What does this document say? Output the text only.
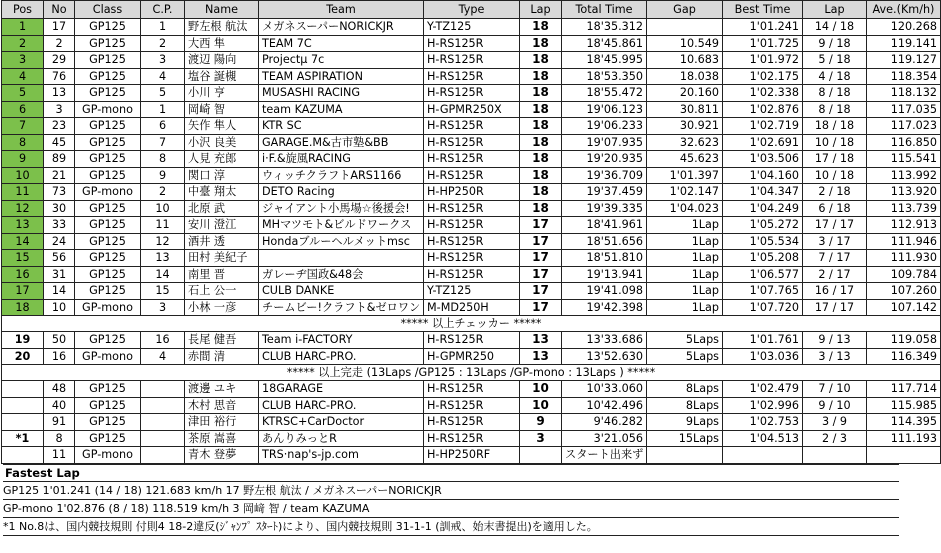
Pos	No	Class	C.P.	Name	Team	Type	Lap	Total Time	Gap	Best Time	Lap	Ave.(Km/h)
1	17	GP125	1	野左根 航汰	メガネスーパーNORICKJR	Y-TZ125	18	18'35.312		1'01.241	14 / 18	120.268
2	2	GP125	2	大西 隼	TEAM 7C	H-RS125R	18	18'45.861	10.549	1'01.725	9 / 18	119.141
3	29	GP125	3	渡辺 陽向	Projectμ 7c	H-RS125R	18	18'45.995	10.683	1'01.972	5 / 18	119.127
4	76	GP125	4	塩谷 誕槻	TEAM ASPIRATION	H-RS125R	18	18'53.350	18.038	1'02.175	4 / 18	118.354
5	13	GP125	5	小川 亨	MUSASHI RACING	H-RS125R	18	18'55.472	20.160	1'02.338	8 / 18	118.132
6	3	GP-mono	1	岡崎 智	team KAZUMA	H-GPMR250X	18	19'06.123	30.811	1'02.876	8 / 18	117.035
7	23	GP125	6	矢作 隼人	KTR SC	H-RS125R	18	19'06.233	30.921	1'02.719	18 / 18	117.023
8	45	GP125	7	小沢 良美	GARAGE.M&古市塾&BB	H-RS125R	18	19'07.935	32.623	1'02.691	10 / 18	116.850
9	89	GP125	8	人見 充郎	i·F.&旋風RACING	H-RS125R	18	19'20.935	45.623	1'03.506	17 / 18	115.541
10	21	GP125	9	関口 淳	ウィッチクラフトARS1166	H-RS125R	18	19'36.709	1'01.397	1'04.160	10 / 18	113.992
11	73	GP-mono	2	中臺 翔太	DETO Racing	H-HP250R	18	19'37.459	1'02.147	1'04.347	2 / 18	113.920
12	30	GP125	10	北原 武	ジャイアント小馬場☆後援会!	H-RS125R	18	19'39.335	1'04.023	1'04.249	6 / 18	113.739
13	33	GP125	11	安川 澄江	MHマツモト&ビルドワークス	H-RS125R	17	18'41.961	1Lap	1'05.272	17 / 17	112.913
14	24	GP125	12	酒井 透	Hondaブルーヘルメットmsc	H-RS125R	17	18'51.656	1Lap	1'05.534	3 / 17	111.946
15	56	GP125	13	田村 美紀子		H-RS125R	17	18'51.810	1Lap	1'05.208	7 / 17	111.930
16	31	GP125	14	南里 晋	ガレーヂ国政&48会	H-RS125R	17	19'13.941	1Lap	1'06.577	2 / 17	109.784
17	14	GP125	15	石上 公一	CULB DANKE	Y-TZ125	17	19'41.098	1Lap	1'07.765	16 / 17	107.260
18	10	GP-mono	3	小林 一彦	チームビー!クラフト&ゼロワン	M-MD250H	17	19'42.398	1Lap	1'07.720	17 / 17	107.142
***** 以上チェッカー *****												
19	50	GP125	16	長尾 健吾	Team i-FACTORY	H-RS125R	13	13'33.686	5Laps	1'01.761	9 / 13	119.058
20	16	GP-mono	4	赤間 清	CLUB HARC-PRO.	H-GPMR250	13	13'52.630	5Laps	1'03.036	3 / 13	116.349
***** 以上完走 (13Laps /GP125 : 13Laps /GP-mono : 13Laps ) *****												
	48	GP125		渡邊 ユキ	18GARAGE	H-RS125R	10	10'33.060	8Laps	1'02.479	7 / 10	117.714
	40	GP125		木村 思音	CLUB HARC-PRO.	H-RS125R	10	10'42.496	8Laps	1'02.996	9 / 10	115.985
	91	GP125		津田 裕行	KTRSC+CarDoctor	H-RS125R	9	9'46.282	9Laps	1'02.753	3 / 9	114.395
*1	8	GP125		茶原 嵩喜	あんりみっとR	H-RS125R	3	3'21.056	15Laps	1'04.513	2 / 3	111.193
	11	GP-mono		青木 登夢	TRS·nap's-jp.com	H-HP250RF		スタート出来ず				
Fastest Lap
GP125 1'01.241 (14 / 18) 121.683 km/h 17 野左根 航汰 / メガネスーパーNORICKJR
GP-mono 1'02.876 (8 / 18) 118.519 km/h 3 岡﨑 智 / team KAZUMA
*1 No.8は、国内競技規則 付則4 18-2違反(ｼﾞｬﾝﾌﾟ ｽﾀｰﾄ)により、国内競技規則 31-1-1 (訓戒、始末書提出)を適用した。
